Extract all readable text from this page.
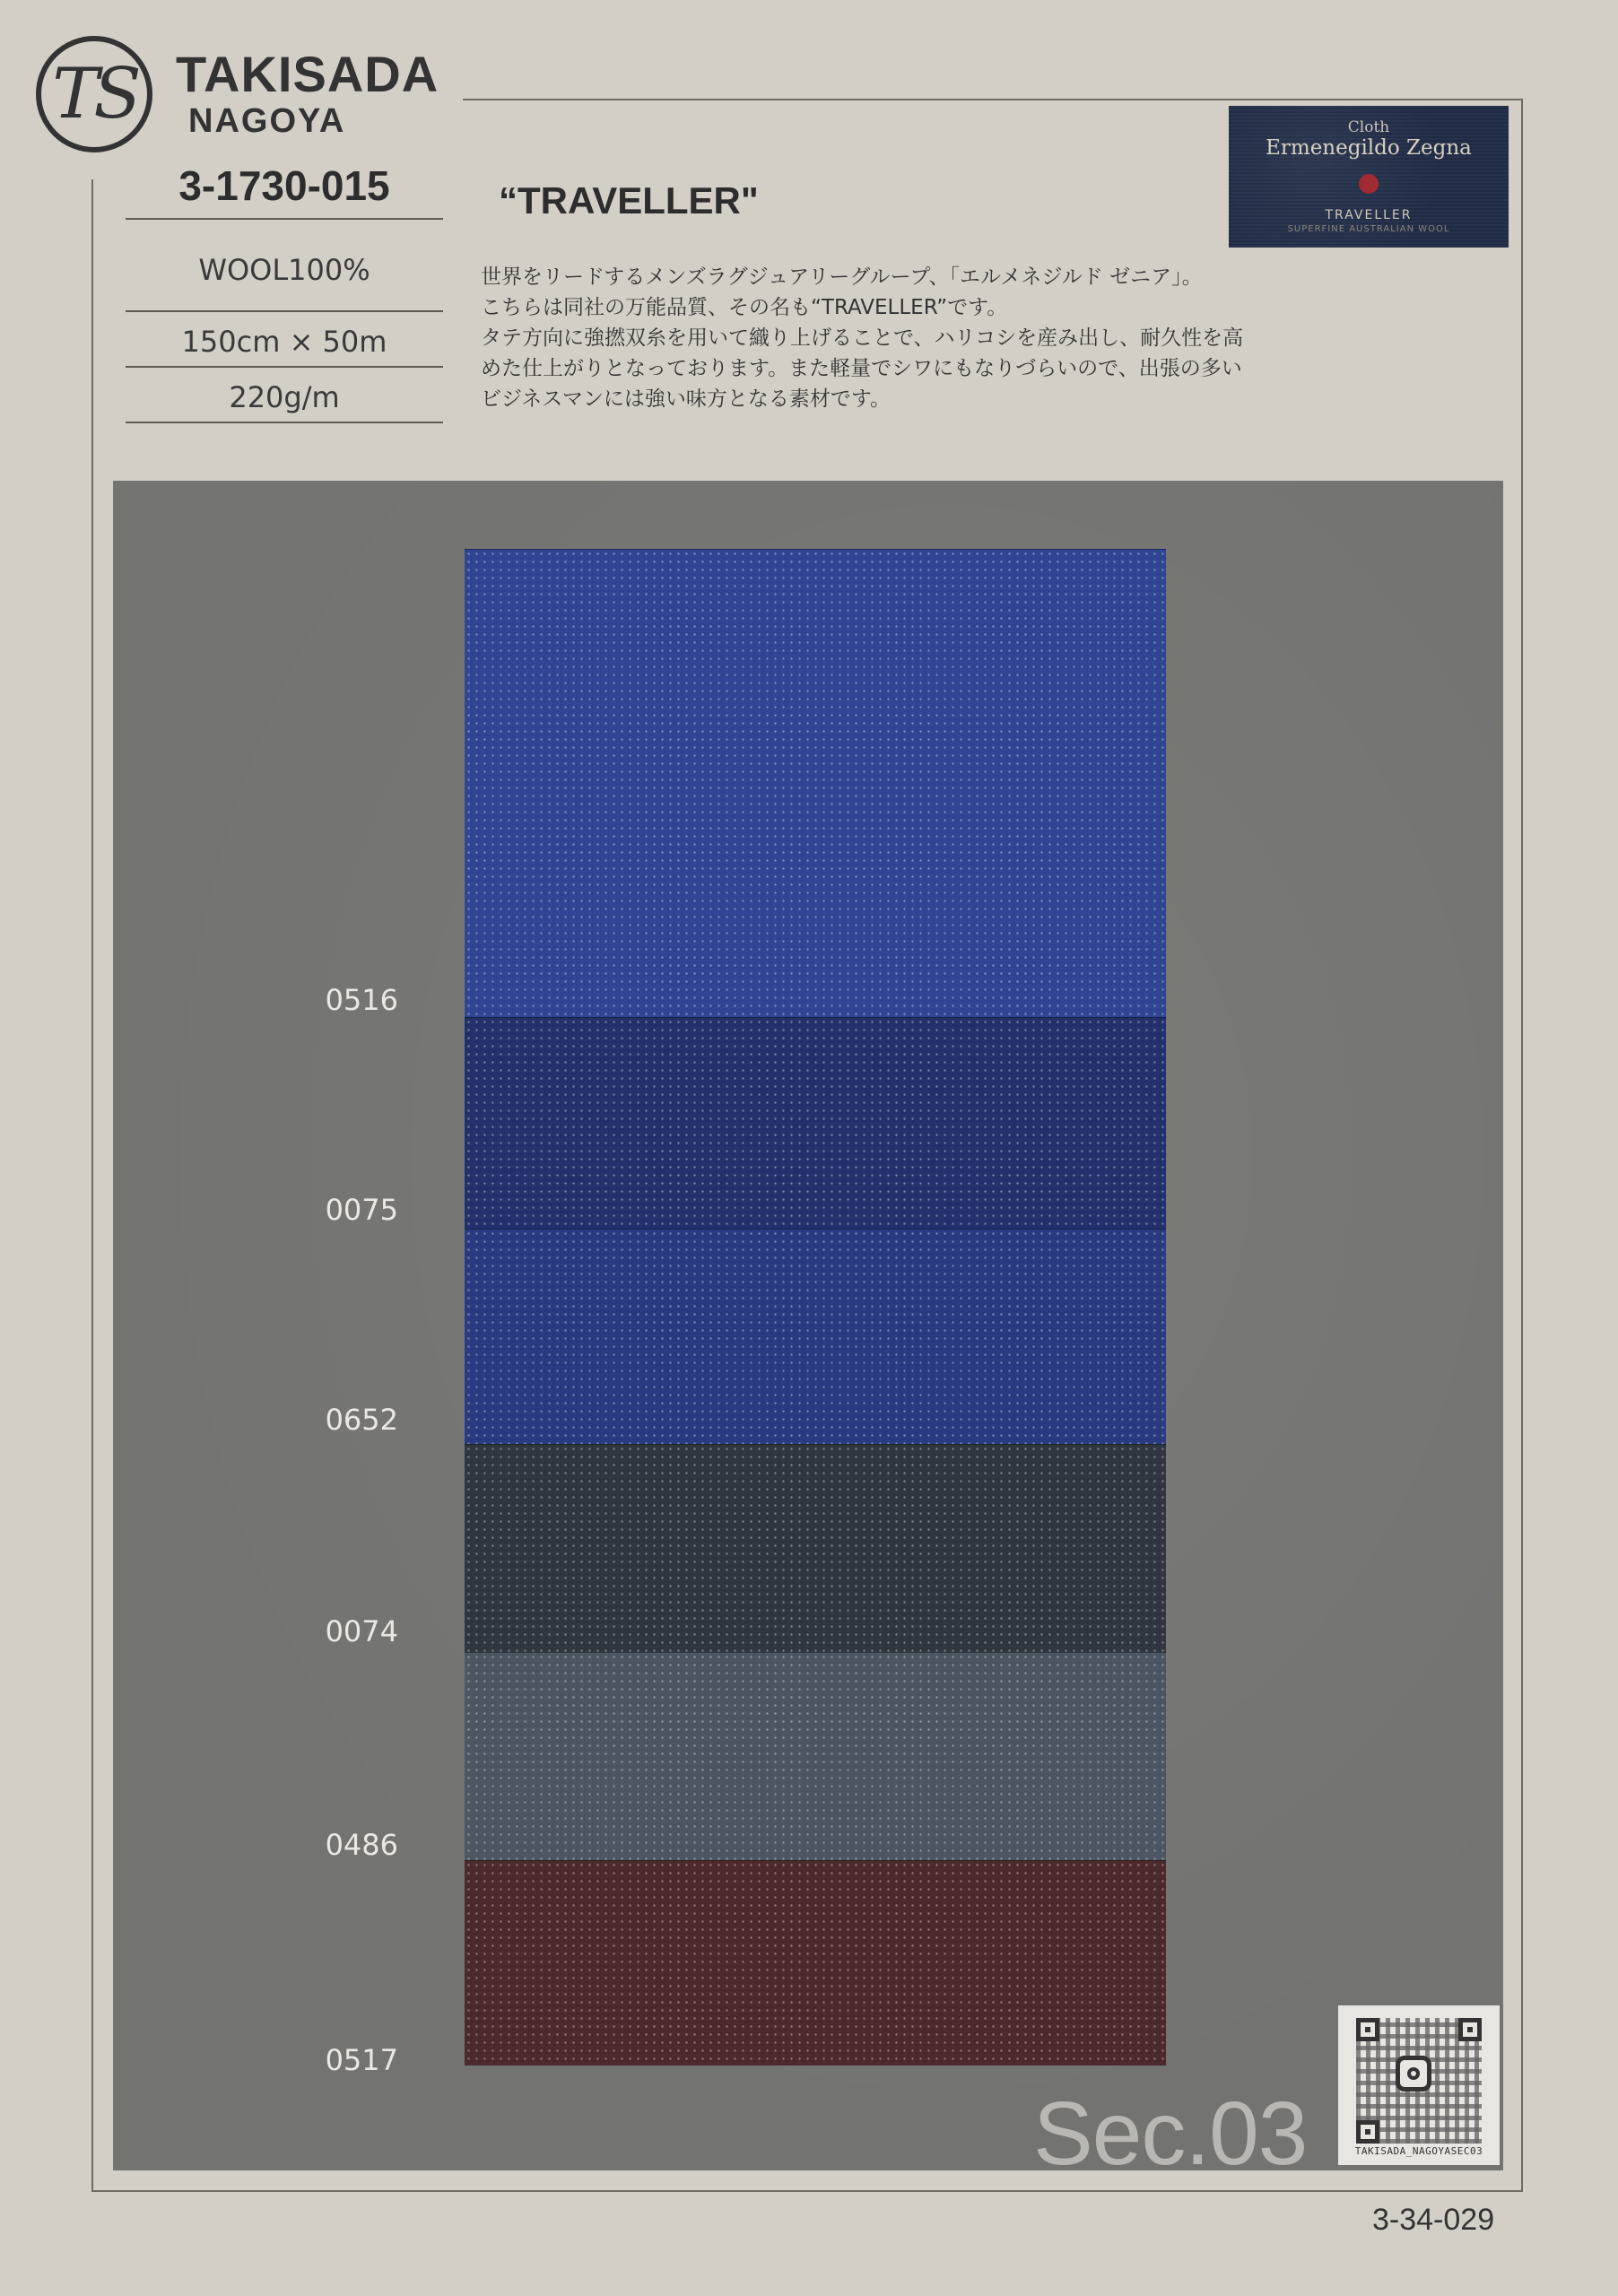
TS TAKISADA
NAGOYA
3-1730-015
WOOL100%
150cm × 50m
220g/m
“TRAVELLER"
世界をリードするメンズラグジュアリーグループ、「エルメネジルド ゼニア」。
こちらは同社の万能品質、その名も“TRAVELLER”です。
タテ方向に強撚双糸を用いて織り上げることで、ハリコシを産み出し、耐久性を高
めた仕上がりとなっております。また軽量でシワにもなりづらいので、出張の多い
ビジネスマンには強い味方となる素材です。
Cloth
Ermenegildo Zegna
TRAVELLER
SUPERFINE AUSTRALIAN WOOL
0516
0075
0652
0074
0486
0517
Sec.03	TAKISADA_NAGOYASEC03
3-34-029
